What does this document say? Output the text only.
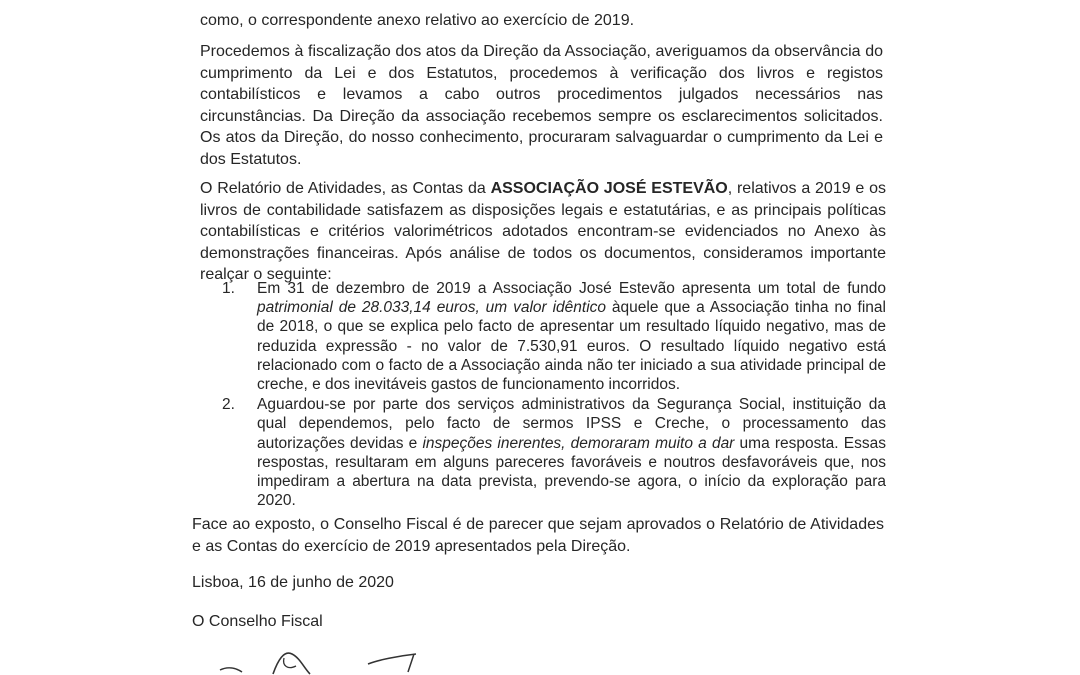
como, o correspondente anexo relativo ao exercício de 2019.

Procedemos à fiscalização dos atos da Direção da Associação, averiguamos da observância do cumprimento da Lei e dos Estatutos, procedemos à verificação dos livros e registos contabilísticos e levamos a cabo outros procedimentos julgados necessários nas circunstâncias. Da Direção da associação recebemos sempre os esclarecimentos solicitados. Os atos da Direção, do nosso conhecimento, procuraram salvaguardar o cumprimento da Lei e dos Estatutos.

O Relatório de Atividades, as Contas da ASSOCIAÇÃO JOSÉ ESTEVÃO, relativos a 2019 e os livros de contabilidade satisfazem as disposições legais e estatutárias, e as principais políticas contabilísticas e critérios valorimétricos adotados encontram-se evidenciados no Anexo às demonstrações financeiras. Após análise de todos os documentos, consideramos importante realçar o seguinte:

1. Em 31 de dezembro de 2019 a Associação José Estevão apresenta um total de fundo patrimonial de 28.033,14 euros, um valor idêntico àquele que a Associação tinha no final de 2018, o que se explica pelo facto de apresentar um resultado líquido negativo, mas de reduzida expressão - no valor de 7.530,91 euros. O resultado líquido negativo está relacionado com o facto de a Associação ainda não ter iniciado a sua atividade principal de creche, e dos inevitáveis gastos de funcionamento incorridos.
2. Aguardou-se por parte dos serviços administrativos da Segurança Social, instituição da qual dependemos, pelo facto de sermos IPSS e Creche, o processamento das autorizações devidas e inspeções inerentes, demoraram muito a dar uma resposta. Essas respostas, resultaram em alguns pareceres favoráveis e noutros desfavoráveis que, nos impediram a abertura na data prevista, prevendo-se agora, o início da exploração para 2020.

Face ao exposto, o Conselho Fiscal é de parecer que sejam aprovados o Relatório de Atividades e as Contas do exercício de 2019 apresentados pela Direção.

Lisboa, 16 de junho de 2020

O Conselho Fiscal
